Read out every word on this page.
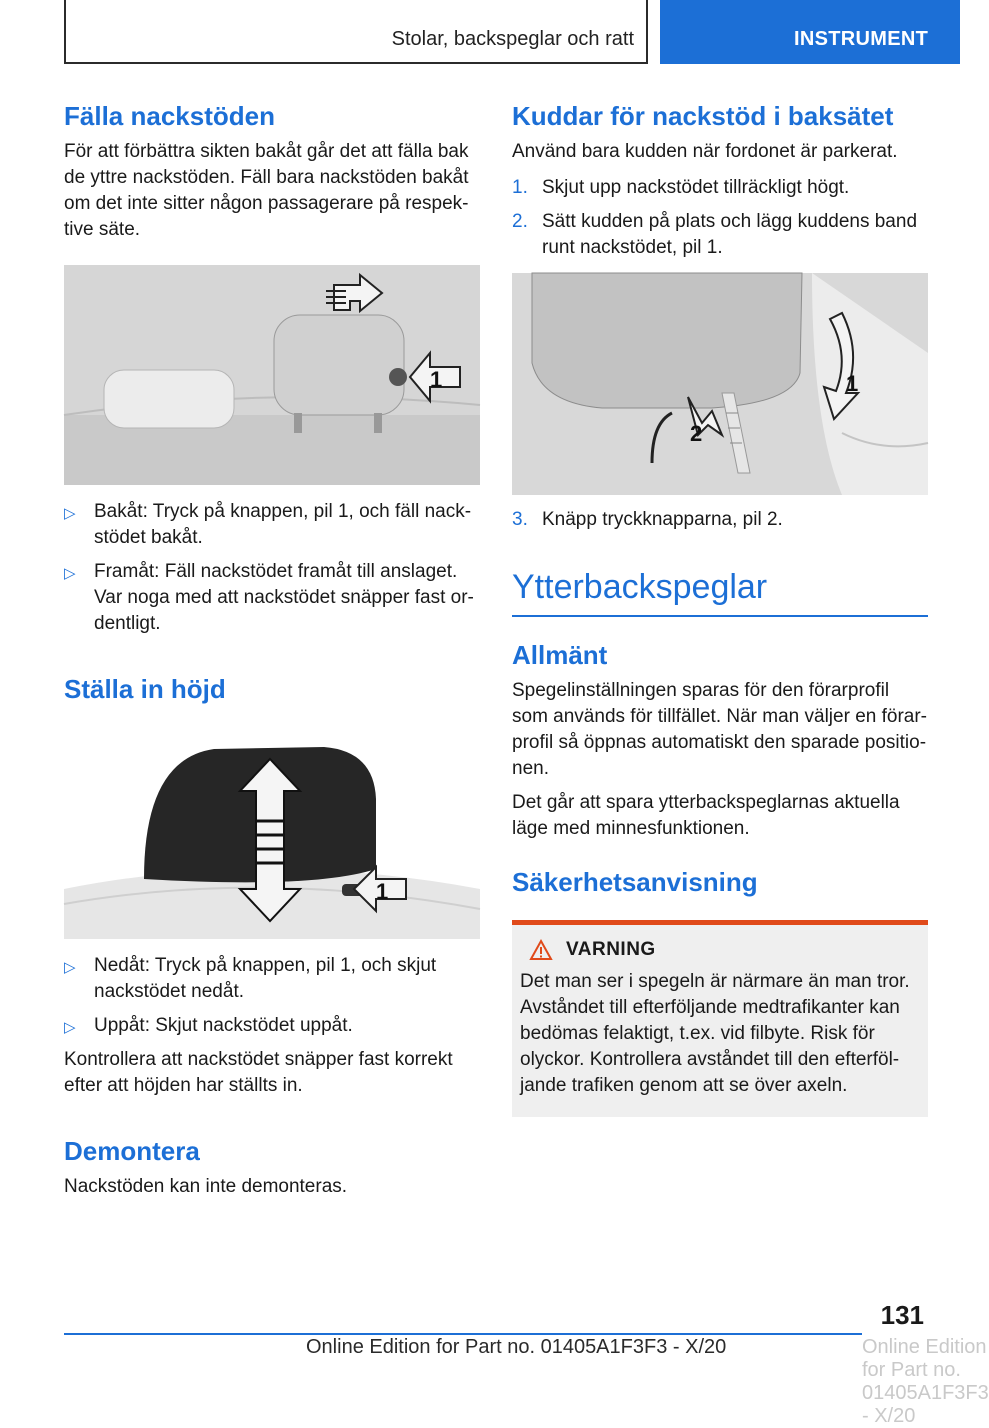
Stolar, backspeglar och ratt	INSTRUMENT
Fälla nackstöden

För att förbättra sikten bakåt går det att fälla bak de yttre nackstöden. Fäll bara nackstöden bakåt om det inte sitter någon passagerare på respek- tive säte.

1
▷ Bakåt: Tryck på knappen, pil 1, och fäll nack- stödet bakåt.
▷ Framåt: Fäll nackstödet framåt till anslaget. Var noga med att nackstödet snäpper fast or- dentligt.
Ställa in höjd
1
▷ Nedåt: Tryck på knappen, pil 1, och skjut nackstödet nedåt.
▷ Uppåt: Skjut nackstödet uppåt.

Kontrollera att nackstödet snäpper fast korrekt efter att höjden har ställts in.

Demontera

Nackstöden kan inte demonteras.

Kuddar för nackstöd i baksätet

Använd bara kudden när fordonet är parkerat.

1. Skjut upp nackstödet tillräckligt högt.
2. Sätt kudden på plats och lägg kuddens band runt nackstödet, pil 1.
2
1
3. Knäpp tryckknapparna, pil 2.
Ytterbackspeglar
Allmänt

Spegelinställningen sparas för den förarprofil som används för tillfället. När man väljer en förar- profil så öppnas automatiskt den sparade positio- nen.

Det går att spara ytterbackspeglarnas aktuella läge med minnesfunktionen.

Säkerhetsanvisning
VARNING

Det man ser i spegeln är närmare än man tror. Avståndet till efterföljande medtrafikanter kan bedömas felaktigt, t.ex. vid filbyte. Risk för olyckor. Kontrollera avståndet till den efterföl- jande trafiken genom att se över axeln.

131
Online Edition for Part no. 01405A1F3F3 - X/20	Online Edition for Part no. 01405A1F3F3 - X/20
